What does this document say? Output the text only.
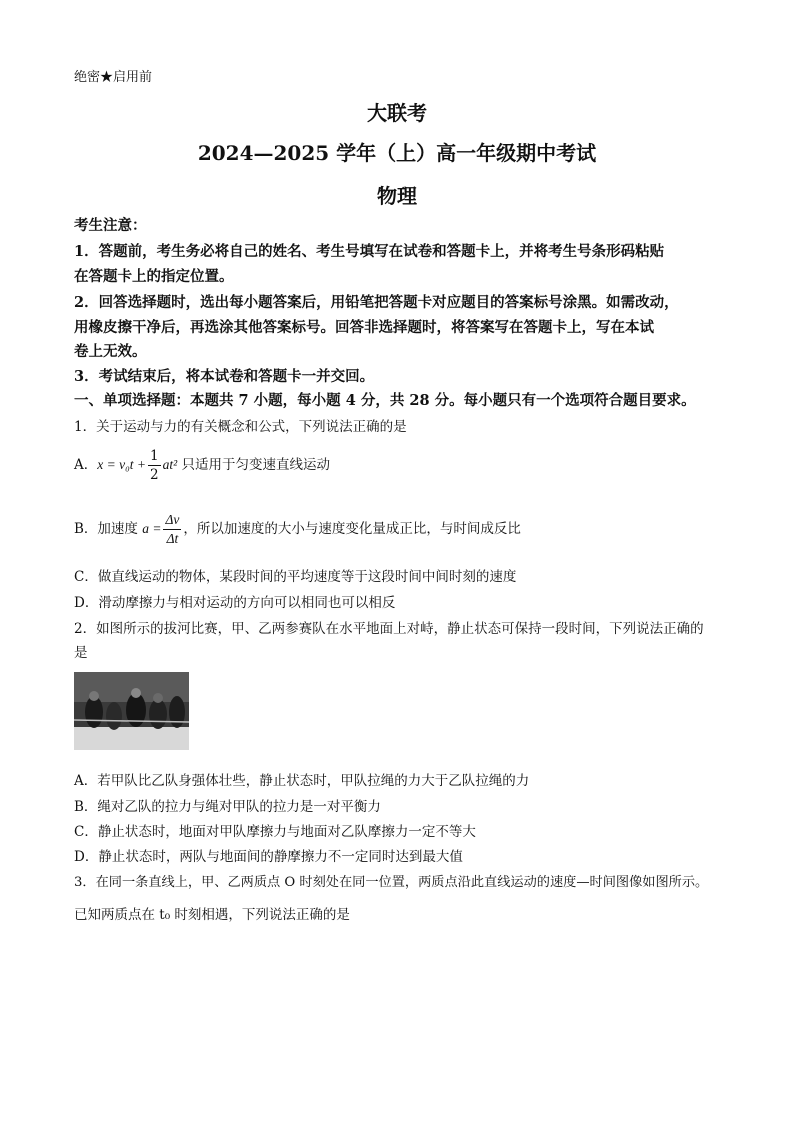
绝密★启用前
大联考
2024—2025 学年（上）高一年级期中考试
物理
考生注意：
1．答题前，考生务必将自己的姓名、考生号填写在试卷和答题卡上，并将考生号条形码粘贴
在答题卡上的指定位置。
2．回答选择题时，选出每小题答案后，用铅笔把答题卡对应题目的答案标号涂黑。如需改动，
用橡皮擦干净后，再选涂其他答案标号。回答非选择题时，将答案写在答题卡上，写在本试
卷上无效。
3．考试结束后，将本试卷和答题卡一并交回。
一、单项选择题：本题共 7 小题，每小题 4 分，共 28 分。每小题只有一个选项符合题目要求。
1．关于运动与力的有关概念和公式，下列说法正确的是
A．$x = v_0t + \frac{1}{2} at^2$ 只适用于匀变速直线运动
B．加速度 $a = \frac{\Delta v}{\Delta t}$ ，所以加速度的大小与速度变化量成正比，与时间成反比
C．做直线运动的物体，某段时间的平均速度等于这段时间中间时刻的速度
D．滑动摩擦力与相对运动的方向可以相同也可以相反
2．如图所示的拔河比赛，甲、乙两参赛队在水平地面上对峙，静止状态可保持一段时间，下列说法正确的
是
A．若甲队比乙队身强体壮些，静止状态时，甲队拉绳的力大于乙队拉绳的力
B．绳对乙队的拉力与绳对甲队的拉力是一对平衡力
C．静止状态时，地面对甲队摩擦力与地面对乙队摩擦力一定不等大
D．静止状态时，两队与地面间的静摩擦力不一定同时达到最大值
3．在同一条直线上，甲、乙两质点 O 时刻处在同一位置，两质点沿此直线运动的速度—时间图像如图所示。
已知两质点在 t₀ 时刻相遇，下列说法正确的是
